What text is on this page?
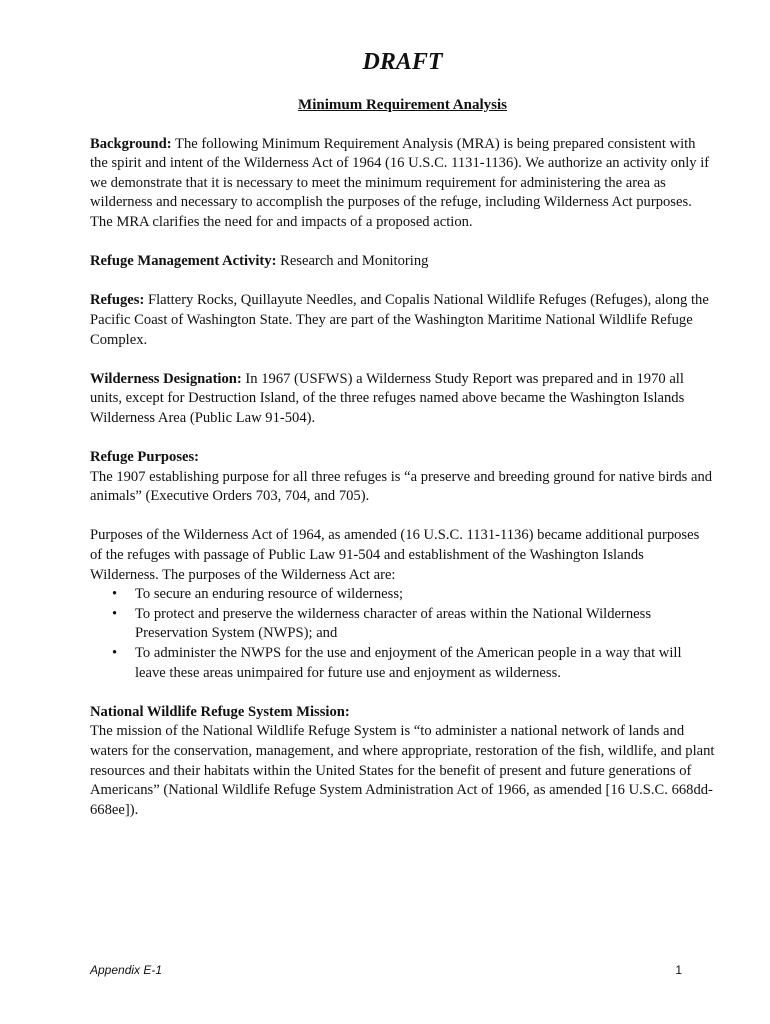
DRAFT
Minimum Requirement Analysis

Background: The following Minimum Requirement Analysis (MRA) is being prepared consistent with the spirit and intent of the Wilderness Act of 1964 (16 U.S.C. 1131-1136). We authorize an activity only if we demonstrate that it is necessary to meet the minimum requirement for administering the area as wilderness and necessary to accomplish the purposes of the refuge, including Wilderness Act purposes. The MRA clarifies the need for and impacts of a proposed action.

Refuge Management Activity: Research and Monitoring

Refuges: Flattery Rocks, Quillayute Needles, and Copalis National Wildlife Refuges (Refuges), along the Pacific Coast of Washington State. They are part of the Washington Maritime National Wildlife Refuge Complex.

Wilderness Designation: In 1967 (USFWS) a Wilderness Study Report was prepared and in 1970 all units, except for Destruction Island, of the three refuges named above became the Washington Islands Wilderness Area (Public Law 91-504).

Refuge Purposes:

The 1907 establishing purpose for all three refuges is “a preserve and breeding ground for native birds and animals” (Executive Orders 703, 704, and 705).

Purposes of the Wilderness Act of 1964, as amended (16 U.S.C. 1131-1136) became additional purposes of the refuges with passage of Public Law 91-504 and establishment of the Washington Islands Wilderness. The purposes of the Wilderness Act are:

• To secure an enduring resource of wilderness;
• To protect and preserve the wilderness character of areas within the National Wilderness Preservation System (NWPS); and
• To administer the NWPS for the use and enjoyment of the American people in a way that will leave these areas unimpaired for future use and enjoyment as wilderness.

National Wildlife Refuge System Mission:

The mission of the National Wildlife Refuge System is “to administer a national network of lands and waters for the conservation, management, and where appropriate, restoration of the fish, wildlife, and plant resources and their habitats within the United States for the benefit of present and future generations of Americans” (National Wildlife Refuge System Administration Act of 1966, as amended [16 U.S.C. 668dd-668ee]).

Appendix E-1	1
